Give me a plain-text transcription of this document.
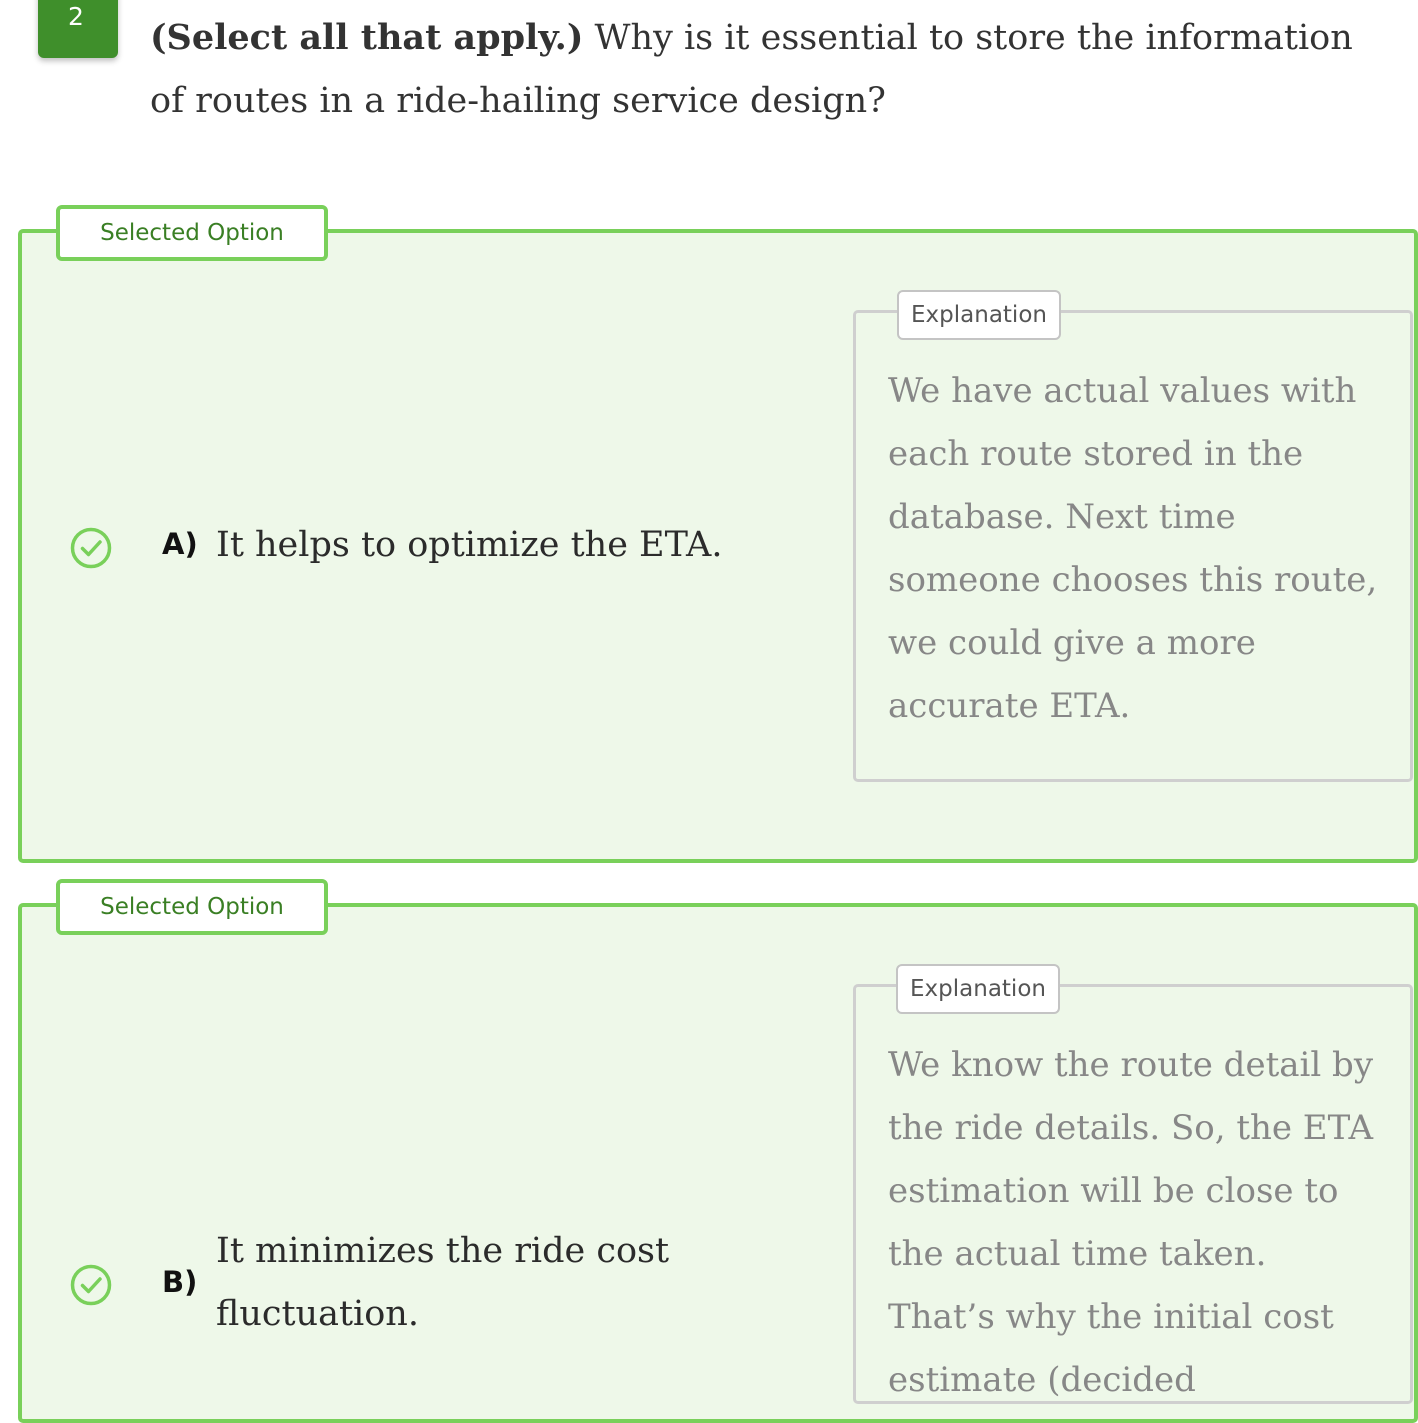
2
(Select all that apply.) Why is it essential to store the information of routes in a ride-hailing service design?
Selected Option
A) It helps to optimize the ETA.
Explanation
We have actual values with each route stored in the database. Next time someone chooses this route, we could give a more accurate ETA.
Selected Option
B)
It minimizes the ride cost fluctuation.
Explanation
We know the route detail by the ride details. So, the ETA estimation will be close to the actual time taken. That’s why the initial cost estimate (decided
